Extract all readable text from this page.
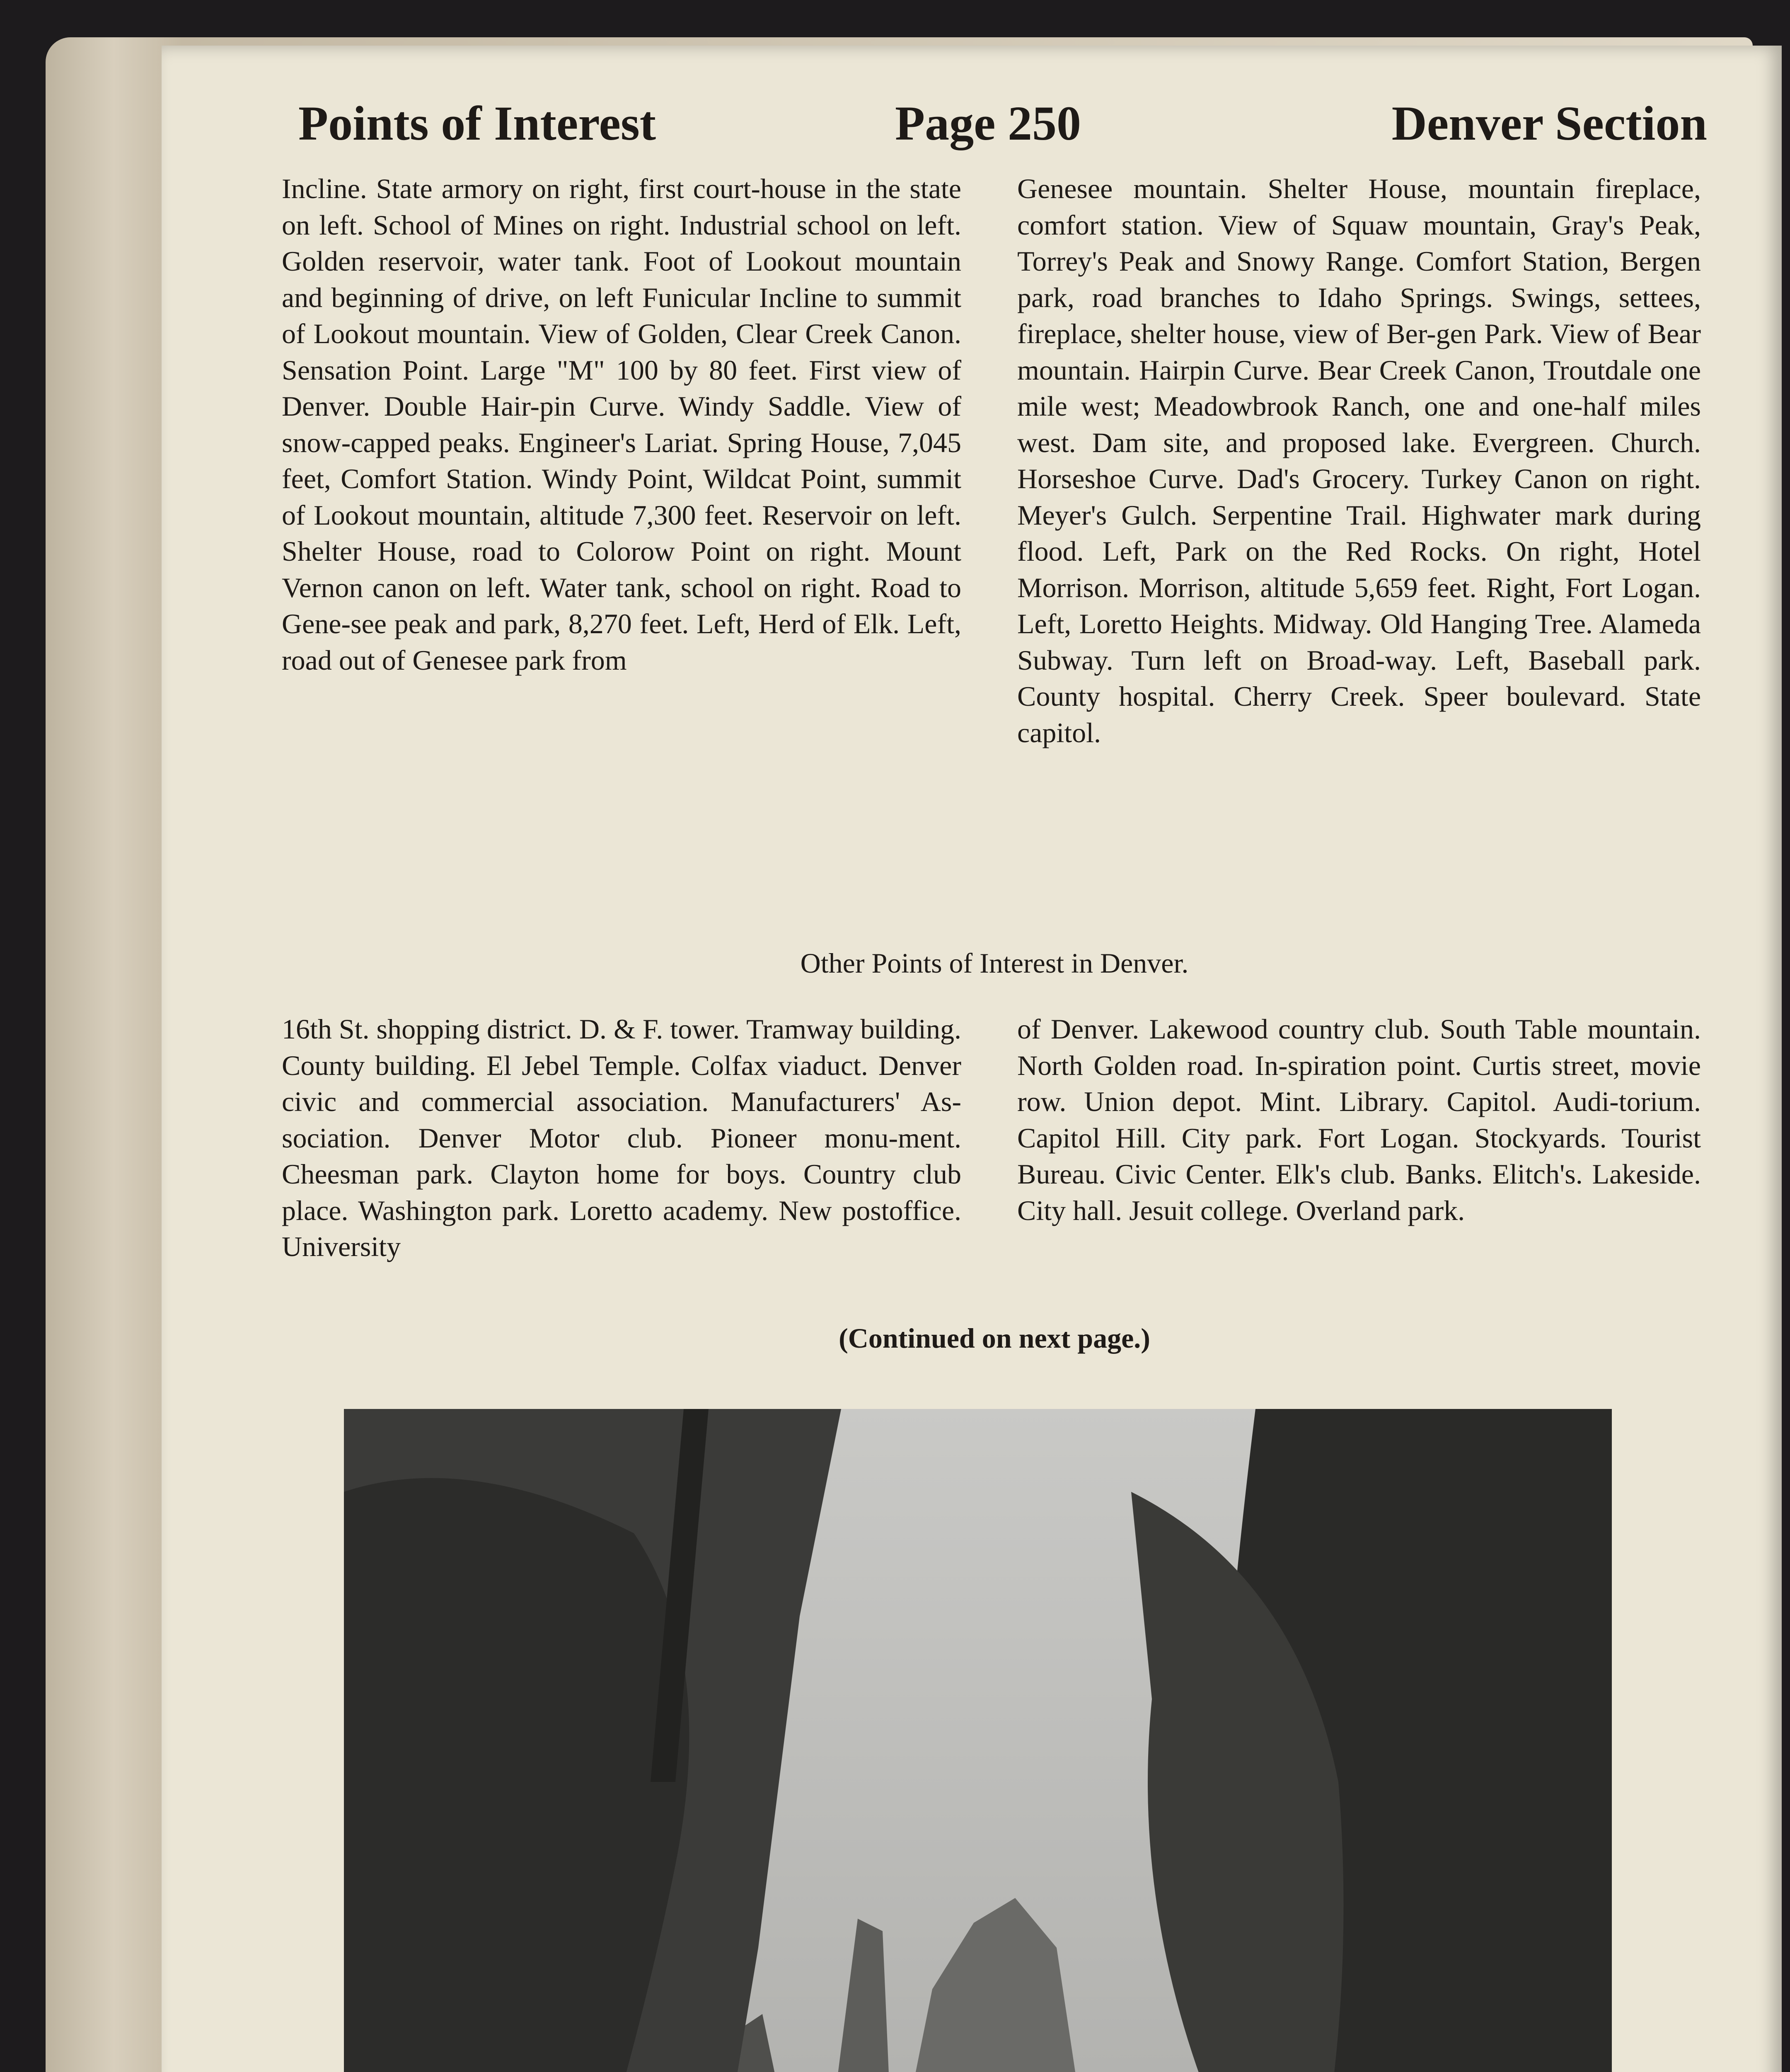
Points of Interest	Page 250	Denver Section

Incline. State armory on right, first court-house in the state on left. School of Mines on right. Industrial school on left. Golden reservoir, water tank. Foot of Lookout mountain and beginning of drive, on left Funicular Incline to summit of Lookout mountain. View of Golden, Clear Creek Canon. Sensation Point. Large "M" 100 by 80 feet. First view of Denver. Double Hair-pin Curve. Windy Saddle. View of snow-capped peaks. Engineer's Lariat. Spring House, 7,045 feet, Comfort Station. Windy Point, Wildcat Point, summit of Lookout mountain, altitude 7,300 feet. Reservoir on left. Shelter House, road to Colorow Point on right. Mount Vernon canon on left. Water tank, school on right. Road to Gene-see peak and park, 8,270 feet. Left, Herd of Elk. Left, road out of Genesee park from

Genesee mountain. Shelter House, mountain fireplace, comfort station. View of Squaw mountain, Gray's Peak, Torrey's Peak and Snowy Range. Comfort Station, Bergen park, road branches to Idaho Springs. Swings, settees, fireplace, shelter house, view of Ber-gen Park. View of Bear mountain. Hairpin Curve. Bear Creek Canon, Troutdale one mile west; Meadowbrook Ranch, one and one-half miles west. Dam site, and proposed lake. Evergreen. Church. Horseshoe Curve. Dad's Grocery. Turkey Canon on right. Meyer's Gulch. Serpentine Trail. Highwater mark during flood. Left, Park on the Red Rocks. On right, Hotel Morrison. Morrison, altitude 5,659 feet. Right, Fort Logan. Left, Loretto Heights. Midway. Old Hanging Tree. Alameda Subway. Turn left on Broad-way. Left, Baseball park. County hospital. Cherry Creek. Speer boulevard. State capitol.

Other Points of Interest in Denver.

16th St. shopping district. D. & F. tower. Tramway building. County building. El Jebel Temple. Colfax viaduct. Denver civic and commercial association. Manufacturers' As-sociation. Denver Motor club. Pioneer monu-ment. Cheesman park. Clayton home for boys. Country club place. Washington park. Loretto academy. New postoffice. University

of Denver. Lakewood country club. South Table mountain. North Golden road. In-spiration point. Curtis street, movie row. Union depot. Mint. Library. Capitol. Audi-torium. Capitol Hill. City park. Fort Logan. Stockyards. Tourist Bureau. Civic Center. Elk's club. Banks. Elitch's. Lakeside. City hall. Jesuit college. Overland park.

(Continued on next page.)
